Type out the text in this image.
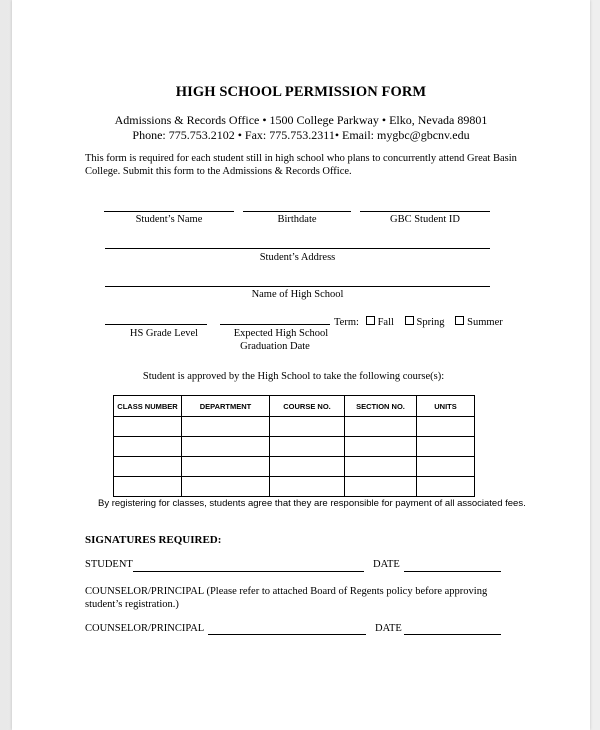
HIGH SCHOOL PERMISSION FORM
Admissions & Records Office • 1500 College Parkway • Elko, Nevada 89801
Phone: 775.753.2102 • Fax: 775.753.2311• Email: mygbc@gbcnv.edu
This form is required for each student still in high school who plans to concurrently attend Great Basin College. Submit this form to the Admissions & Records Office.
Student’s Name	Birthdate	GBC Student ID
Student’s Address
Name of High School
HS Grade Level	Expected High School
Graduation Date
Term: Fall Spring Summer
Student is approved by the High School to take the following course(s):
CLASS NUMBER	DEPARTMENT	COURSE NO.	SECTION NO.	UNITS

By registering for classes, students agree that they are responsible for payment of all associated fees.
SIGNATURES REQUIRED:
STUDENT	DATE
COUNSELOR/PRINCIPAL (Please refer to attached Board of Regents policy before approving
student’s registration.)
COUNSELOR/PRINCIPAL	DATE
